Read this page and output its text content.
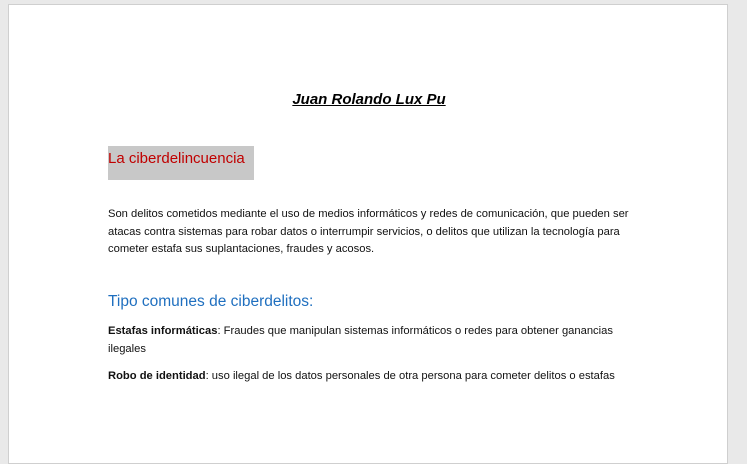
Juan Rolando Lux Pu
La ciberdelincuencia
Son delitos cometidos mediante el uso de medios informáticos y redes de comunicación, que pueden ser atacas contra sistemas para robar datos o interrumpir servicios, o delitos que utilizan la tecnología para cometer estafa sus suplantaciones, fraudes y acosos.
Tipo comunes de ciberdelitos:
Estafas informáticas: Fraudes que manipulan sistemas informáticos o redes para obtener ganancias ilegales
Robo de identidad: uso ilegal de los datos personales de otra persona para cometer delitos o estafas
